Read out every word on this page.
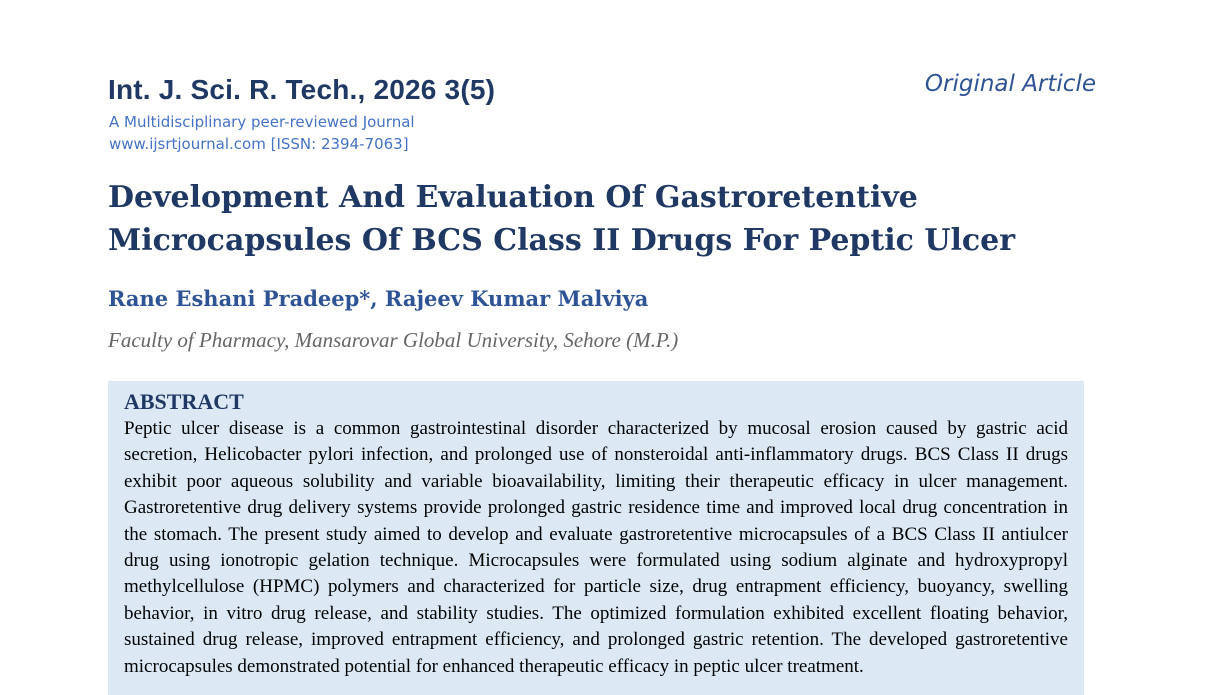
Int. J. Sci. R. Tech., 2026 3(5)	Original Article
A Multidisciplinary peer-reviewed Journal
www.ijsrtjournal.com [ISSN: 2394-7063]
Development And Evaluation Of Gastroretentive
Microcapsules Of BCS Class II Drugs For Peptic Ulcer
Rane Eshani Pradeep*, Rajeev Kumar Malviya
Faculty of Pharmacy, Mansarovar Global University, Sehore (M.P.)
ABSTRACT

Peptic ulcer disease is a common gastrointestinal disorder characterized by mucosal erosion caused by gastric acid secretion, Helicobacter pylori infection, and prolonged use of nonsteroidal anti-inflammatory drugs. BCS Class II drugs exhibit poor aqueous solubility and variable bioavailability, limiting their therapeutic efficacy in ulcer management. Gastroretentive drug delivery systems provide prolonged gastric residence time and improved local drug concentration in the stomach. The present study aimed to develop and evaluate gastroretentive microcapsules of a BCS Class II antiulcer drug using ionotropic gelation technique. Microcapsules were formulated using sodium alginate and hydroxypropyl methylcellulose (HPMC) polymers and characterized for particle size, drug entrapment efficiency, buoyancy, swelling behavior, in vitro drug release, and stability studies. The optimized formulation exhibited excellent floating behavior, sustained drug release, improved entrapment efficiency, and prolonged gastric retention. The developed gastroretentive microcapsules demonstrated potential for enhanced therapeutic efficacy in peptic ulcer treatment.
